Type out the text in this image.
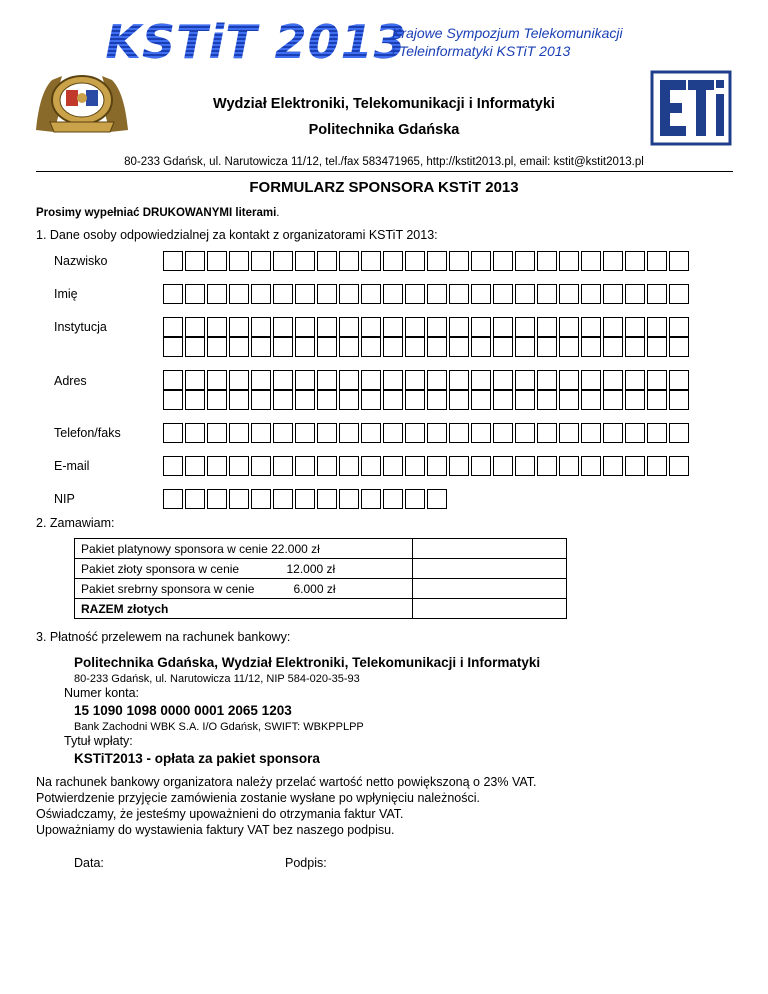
KSTiT 2013
Krajowe Sympozjum Telekomunikacji
i Teleinformatyki KSTiT 2013
ETI
Wydział Elektroniki, Telekomunikacji i Informatyki
Politechnika Gdańska
80-233 Gdańsk, ul. Narutowicza 11/12, tel./fax 583471965, http://kstit2013.pl, email: kstit@kstit2013.pl
FORMULARZ SPONSORA KSTiT 2013
Prosimy wypełniać DRUKOWANYMI literami.
1. Dane osoby odpowiedzialnej za kontakt z organizatorami KSTiT 2013:
Nazwisko
Imię
Instytucja
Adres
Telefon/faks
E-mail
NIP
2. Zamawiam:
Pakiet platynowy sponsora w cenie 22.000 zł	
Pakiet złoty sponsora w cenie 12.000 zł	

Pakiet srebrny sponsora w cenie 6.000 zł	

RAZEM złotych	
3. Płatność przelewem na rachunek bankowy:
Politechnika Gdańska, Wydział Elektroniki, Telekomunikacji i Informatyki
80-233 Gdańsk, ul. Narutowicza 11/12, NIP 584-020-35-93
Numer konta:
15 1090 1098 0000 0001 2065 1203
Bank Zachodni WBK S.A. I/O Gdańsk, SWIFT: WBKPPLPP
Tytuł wpłaty:
KSTiT2013 - opłata za pakiet sponsora
Na rachunek bankowy organizatora należy przelać wartość netto powiększoną o 23% VAT.
Potwierdzenie przyjęcie zamówienia zostanie wysłane po wpłynięciu należności.
Oświadczamy, że jesteśmy upoważnieni do otrzymania faktur VAT.
Upoważniamy do wystawienia faktury VAT bez naszego podpisu.
Data:	Podpis:
